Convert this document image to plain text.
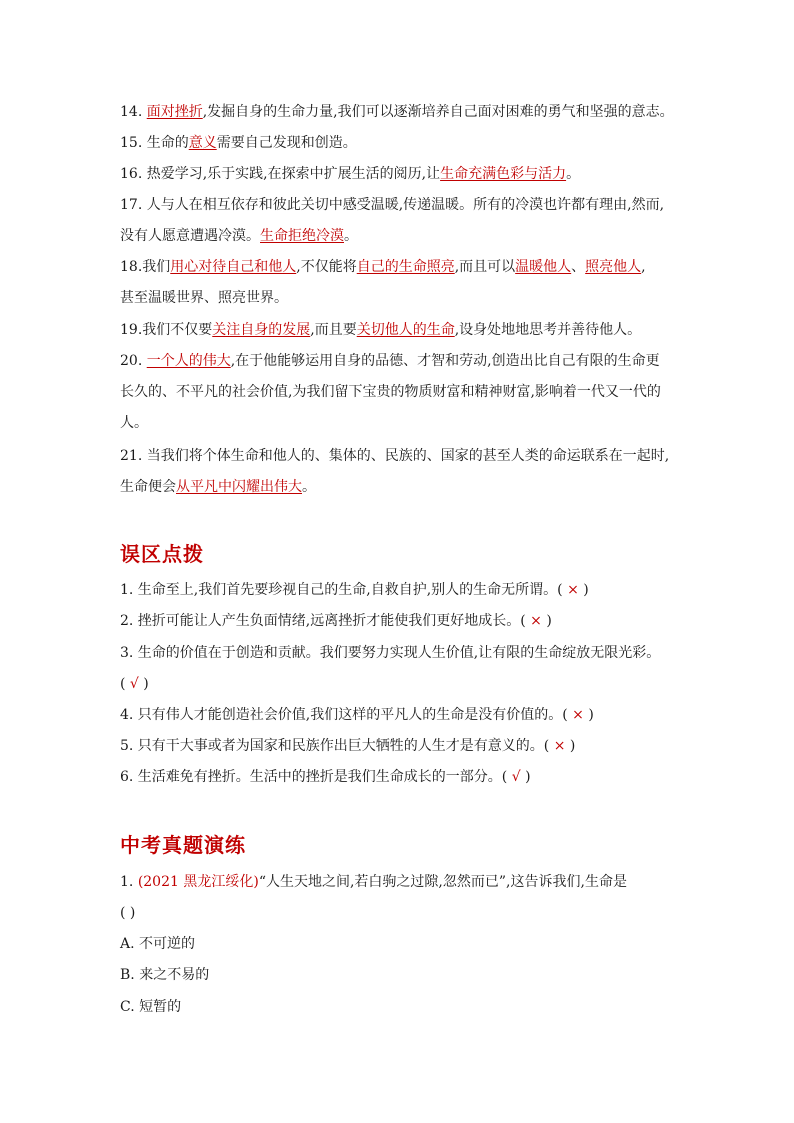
14. 面对挫折,发掘自身的生命力量,我们可以逐渐培养自己面对困难的勇气和坚强的意志。
15. 生命的意义需要自己发现和创造。
16. 热爱学习,乐于实践,在探索中扩展生活的阅历,让生命充满色彩与活力。
17. 人与人在相互依存和彼此关切中感受温暖,传递温暖。所有的冷漠也许都有理由,然而,
没有人愿意遭遇冷漠。生命拒绝冷漠。
18.我们用心对待自己和他人,不仅能将自己的生命照亮,而且可以温暖他人、照亮他人,
甚至温暖世界、照亮世界。
19.我们不仅要关注自身的发展,而且要关切他人的生命,设身处地地思考并善待他人。
20. 一个人的伟大,在于他能够运用自身的品德、才智和劳动,创造出比自己有限的生命更
长久的、不平凡的社会价值,为我们留下宝贵的物质财富和精神财富,影响着一代又一代的
人。
21. 当我们将个体生命和他人的、集体的、民族的、国家的甚至人类的命运联系在一起时,
生命便会从平凡中闪耀出伟大。
误区点拨
1. 生命至上,我们首先要珍视自己的生命,自救自护,别人的生命无所谓。( × )
2. 挫折可能让人产生负面情绪,远离挫折才能使我们更好地成长。( × )
3. 生命的价值在于创造和贡献。我们要努力实现人生价值,让有限的生命绽放无限光彩。
( √ )
4. 只有伟人才能创造社会价值,我们这样的平凡人的生命是没有价值的。( × )
5. 只有干大事或者为国家和民族作出巨大牺牲的人生才是有意义的。( × )
6. 生活难免有挫折。生活中的挫折是我们生命成长的一部分。( √ )
中考真题演练
1. (2021 黑龙江绥化)“人生天地之间,若白驹之过隙,忽然而已”,这告诉我们,生命是
( )
A. 不可逆的
B. 来之不易的
C. 短暂的
